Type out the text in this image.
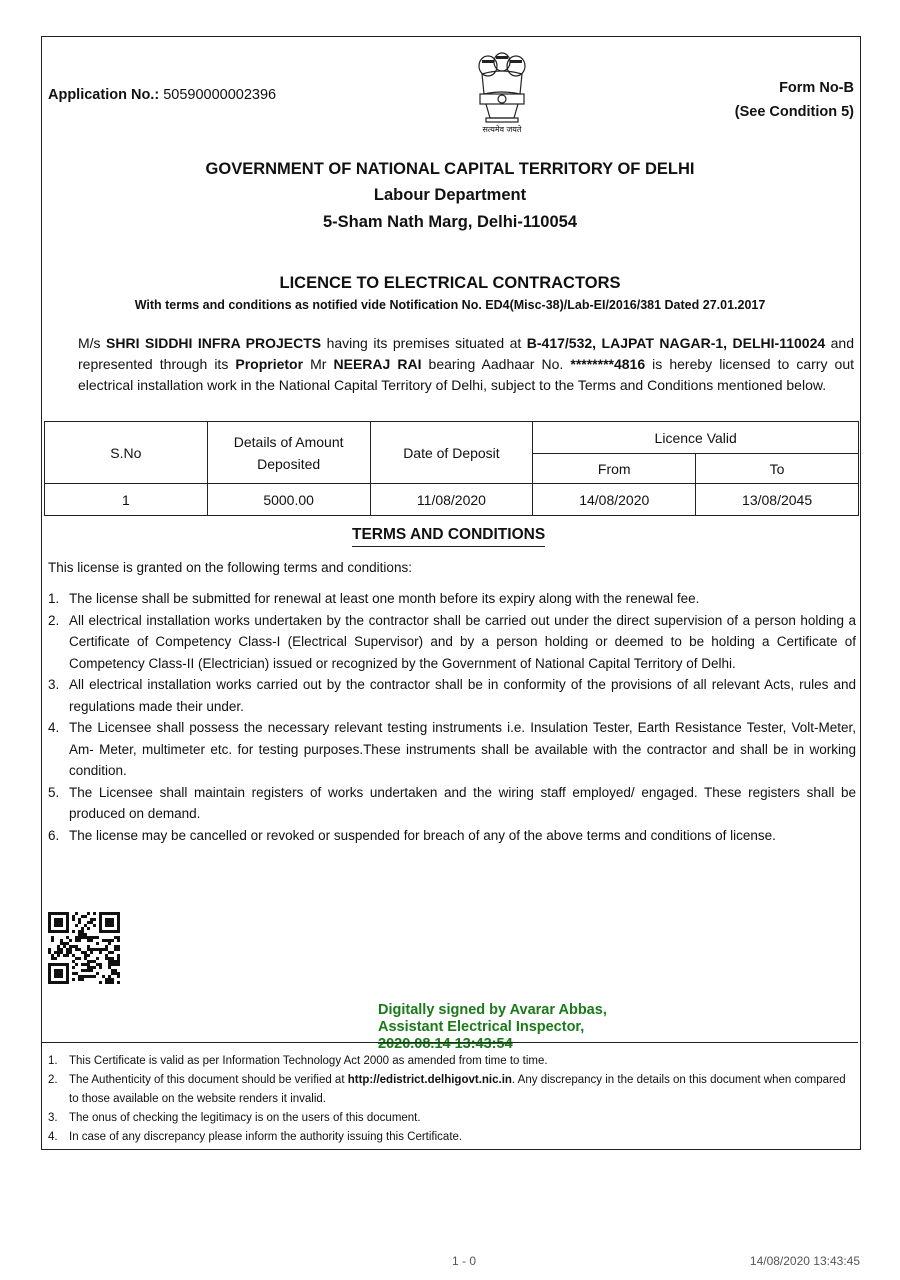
Application No.: 50590000002396	Form No-B
(See Condition 5)
सत्यमेव जयते
GOVERNMENT OF NATIONAL CAPITAL TERRITORY OF DELHI
Labour Department
5-Sham Nath Marg, Delhi-110054
LICENCE TO ELECTRICAL CONTRACTORS
With terms and conditions as notified vide Notification No. ED4(Misc-38)/Lab-EI/2016/381 Dated 27.01.2017
M/s SHRI SIDDHI INFRA PROJECTS having its premises situated at B-417/532, LAJPAT NAGAR-1, DELHI-110024 and represented through its Proprietor Mr NEERAJ RAI bearing Aadhaar No. ********4816 is hereby licensed to carry out electrical installation work in the National Capital Territory of Delhi, subject to the Terms and Conditions mentioned below.
S.No	Details of Amount Deposited	Date of Deposit	Licence Valid	
			From	To
1	5000.00	11/08/2020	14/08/2020	13/08/2045
TERMS AND CONDITIONS
This license is granted on the following terms and conditions:
1. The license shall be submitted for renewal at least one month before its expiry along with the renewal fee.
2. All electrical installation works undertaken by the contractor shall be carried out under the direct supervision of a person holding a Certificate of Competency Class-I (Electrical Supervisor) and by a person holding or deemed to be holding a Certificate of Competency Class-II (Electrician) issued or recognized by the Government of National Capital Territory of Delhi.
3. All electrical installation works carried out by the contractor shall be in conformity of the provisions of all relevant Acts, rules and regulations made their under.
4. The Licensee shall possess the necessary relevant testing instruments i.e. Insulation Tester, Earth Resistance Tester, Volt-Meter, Am- Meter, multimeter etc. for testing purposes.These instruments shall be available with the contractor and shall be in working condition.
5. The Licensee shall maintain registers of works undertaken and the wiring staff employed/ engaged. These registers shall be produced on demand.
6. The license may be cancelled or revoked or suspended for breach of any of the above terms and conditions of license.
Digitally signed by Avarar Abbas,
Assistant Electrical Inspector,
2020.08.14 13:43:54
1. This Certificate is valid as per Information Technology Act 2000 as amended from time to time.
2. The Authenticity of this document should be verified at http://edistrict.delhigovt.nic.in. Any discrepancy in the details on this document when compared to those available on the website renders it invalid.
3. The onus of checking the legitimacy is on the users of this document.
4. In case of any discrepancy please inform the authority issuing this Certificate.
1 - 0	14/08/2020 13:43:45
